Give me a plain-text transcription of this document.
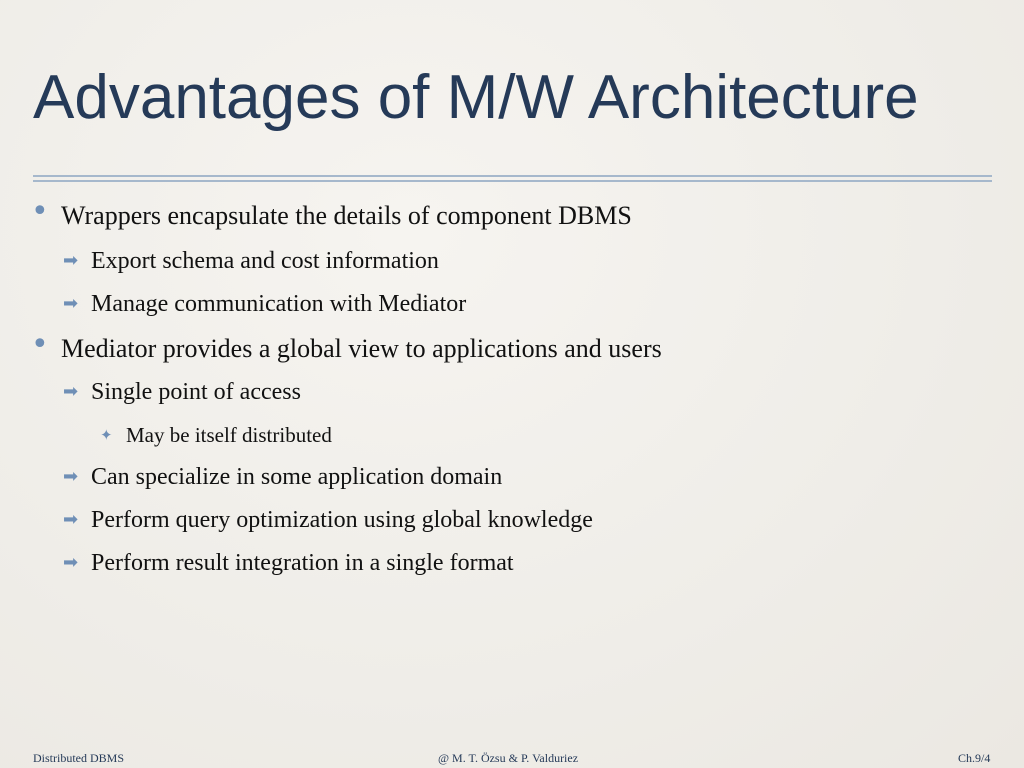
Advantages of M/W Architecture
• Wrappers encapsulate the details of component DBMS
➡ Export schema and cost information
➡ Manage communication with Mediator
• Mediator provides a global view to applications and users
➡ Single point of access
✦ May be itself distributed
➡ Can specialize in some application domain
➡ Perform query optimization using global knowledge
➡ Perform result integration in a single format
Distributed DBMS	@ M. T. Özsu & P. Valduriez	Ch.9/4
